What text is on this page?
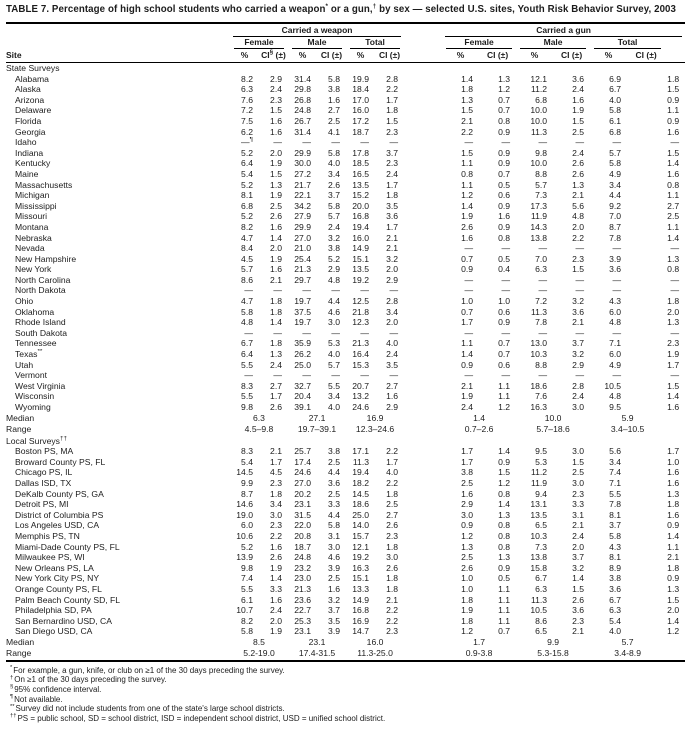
TABLE 7. Percentage of high school students who carried a weapon* or a gun,† by sex — selected U.S. sites, Youth Risk Behavior Survey, 2003
Site	Carried a weapon							Carried a gun					

	Female		Male		Total			Female		Male		Total	

	%	CI§ (±)	%	CI (±)	%	CI (±)		%	CI (±)	%	CI (±)	%	CI (±)
State Surveys													
Alabama	8.2	2.9	31.4	5.8	19.9	2.8		1.4	1.3	12.1	3.6	6.9	1.8
Alaska	6.3	2.4	29.8	3.8	18.4	2.2		1.8	1.2	11.2	2.4	6.7	1.5
Arizona	7.6	2.3	26.8	1.6	17.0	1.7		1.3	0.7	6.8	1.6	4.0	0.9
Delaware	7.2	1.5	24.8	2.7	16.0	1.8		1.5	0.7	10.0	1.9	5.8	1.1
Florida	7.5	1.6	26.7	2.5	17.2	1.5		2.1	0.8	10.0	1.5	6.1	0.9
Georgia	6.2	1.6	31.4	4.1	18.7	2.3		2.2	0.9	11.3	2.5	6.8	1.6
Idaho	—¶	—	—	—	—	—		—	—	—	—	—	—
Indiana	5.2	2.0	29.9	5.8	17.8	3.7		1.5	0.9	9.8	2.4	5.7	1.5
Kentucky	6.4	1.9	30.0	4.0	18.5	2.3		1.1	0.9	10.0	2.6	5.8	1.4
Maine	5.4	1.5	27.2	3.4	16.5	2.4		0.8	0.7	8.8	2.6	4.9	1.6
Massachusetts	5.2	1.3	21.7	2.6	13.5	1.7		1.1	0.5	5.7	1.3	3.4	0.8
Michigan	8.1	1.9	22.1	3.7	15.2	1.8		1.2	0.6	7.3	2.1	4.4	1.1
Mississippi	6.8	2.5	34.2	5.8	20.0	3.5		1.4	0.9	17.3	5.6	9.2	2.7
Missouri	5.2	2.6	27.9	5.7	16.8	3.6		1.9	1.6	11.9	4.8	7.0	2.5
Montana	8.2	1.6	29.9	2.4	19.4	1.7		2.6	0.9	14.3	2.0	8.7	1.1
Nebraska	4.7	1.4	27.0	3.2	16.0	2.1		1.6	0.8	13.8	2.2	7.8	1.4
Nevada	8.4	2.0	21.0	3.8	14.9	2.1		—	—	—	—	—	—
New Hampshire	4.5	1.9	25.4	5.2	15.1	3.2		0.7	0.5	7.0	2.3	3.9	1.3
New York	5.7	1.6	21.3	2.9	13.5	2.0		0.9	0.4	6.3	1.5	3.6	0.8
North Carolina	8.6	2.1	29.7	4.8	19.2	2.9		—	—	—	—	—	—
North Dakota	—	—	—	—	—	—		—	—	—	—	—	—
Ohio	4.7	1.8	19.7	4.4	12.5	2.8		1.0	1.0	7.2	3.2	4.3	1.8
Oklahoma	5.8	1.8	37.5	4.6	21.8	3.4		0.7	0.6	11.3	3.6	6.0	2.0
Rhode Island	4.8	1.4	19.7	3.0	12.3	2.0		1.7	0.9	7.8	2.1	4.8	1.3
South Dakota	—	—	—	—	—	—		—	—	—	—	—	—
Tennessee	6.7	1.8	35.9	5.3	21.3	4.0		1.1	0.7	13.0	3.7	7.1	2.3
Texas**	6.4	1.3	26.2	4.0	16.4	2.4		1.4	0.7	10.3	3.2	6.0	1.9
Utah	5.5	2.4	25.0	5.7	15.3	3.5		0.9	0.6	8.8	2.9	4.9	1.7
Vermont	—	—	—	—	—	—		—	—	—	—	—	—
West Virginia	8.3	2.7	32.7	5.5	20.7	2.7		2.1	1.1	18.6	2.8	10.5	1.5
Wisconsin	5.5	1.7	20.4	3.4	13.2	1.6		1.9	1.1	7.6	2.4	4.8	1.4
Wyoming	9.8	2.6	39.1	4.0	24.6	2.9		2.4	1.2	16.3	3.0	9.5	1.6
Median	6.3		27.1		16.9			1.4		10.0		5.9	
Range	4.5–9.8		19.7–39.1		12.3–24.6			0.7–2.6		5.7–18.6		3.4–10.5	
Local Surveys††
Boston PS, MA	8.3	2.1	25.7	3.8	17.1	2.2		1.7	1.4	9.5	3.0	5.6	1.7
Broward County PS, FL	5.4	1.7	17.4	2.5	11.3	1.7		1.7	0.9	5.3	1.5	3.4	1.0
Chicago PS, IL	14.5	4.5	24.6	4.4	19.4	4.0		3.8	1.5	11.2	2.5	7.4	1.6
Dallas ISD, TX	9.9	2.3	27.0	3.6	18.2	2.2		2.5	1.2	11.9	3.0	7.1	1.6
DeKalb County PS, GA	8.7	1.8	20.2	2.5	14.5	1.8		1.6	0.8	9.4	2.3	5.5	1.3
Detroit PS, MI	14.6	3.4	23.1	3.3	18.6	2.5		2.9	1.4	13.1	3.3	7.8	1.8
District of Columbia PS	19.0	3.0	31.5	4.4	25.0	2.7		3.0	1.3	13.5	3.1	8.1	1.6
Los Angeles USD, CA	6.0	2.3	22.0	5.8	14.0	2.6		0.9	0.8	6.5	2.1	3.7	0.9
Memphis PS, TN	10.6	2.2	20.8	3.1	15.7	2.3		1.2	0.8	10.3	2.4	5.8	1.4
Miami-Dade County PS, FL	5.2	1.6	18.7	3.0	12.1	1.8		1.3	0.8	7.3	2.0	4.3	1.1
Milwaukee PS, WI	13.9	2.6	24.8	4.6	19.2	3.0		2.5	1.3	13.8	3.7	8.1	2.1
New Orleans PS, LA	9.8	1.9	23.2	3.9	16.3	2.6		2.6	0.9	15.8	3.2	8.9	1.8
New York City PS, NY	7.4	1.4	23.0	2.5	15.1	1.8		1.0	0.5	6.7	1.4	3.8	0.9
Orange County PS, FL	5.5	3.3	21.3	1.6	13.3	1.8		1.0	1.1	6.3	1.5	3.6	1.3
Palm Beach County SD, FL	6.1	1.6	23.6	3.2	14.9	2.1		1.8	1.1	11.3	2.6	6.7	1.5
Philadelphia SD, PA	10.7	2.4	22.7	3.7	16.8	2.2		1.9	1.1	10.5	3.6	6.3	2.0
San Bernardino USD, CA	8.2	2.0	25.3	3.5	16.9	2.2		1.8	1.1	8.6	2.3	5.4	1.4
San Diego USD, CA	5.8	1.9	23.1	3.9	14.7	2.3		1.2	0.7	6.5	2.1	4.0	1.2
Median	8.5		23.1		16.0			1.7		9.9		5.7	
Range	5.2-19.0		17.4-31.5		11.3-25.0			0.9-3.8		5.3-15.8		3.4-8.9	
*For example, a gun, knife, or club on ≥1 of the 30 days preceding the survey.
†On ≥1 of the 30 days preceding the survey.
§95% confidence interval.
¶Not available.
**Survey did not include students from one of the state's large school districts.
††PS = public school, SD = school district, ISD = independent school district, USD = unified school district.
